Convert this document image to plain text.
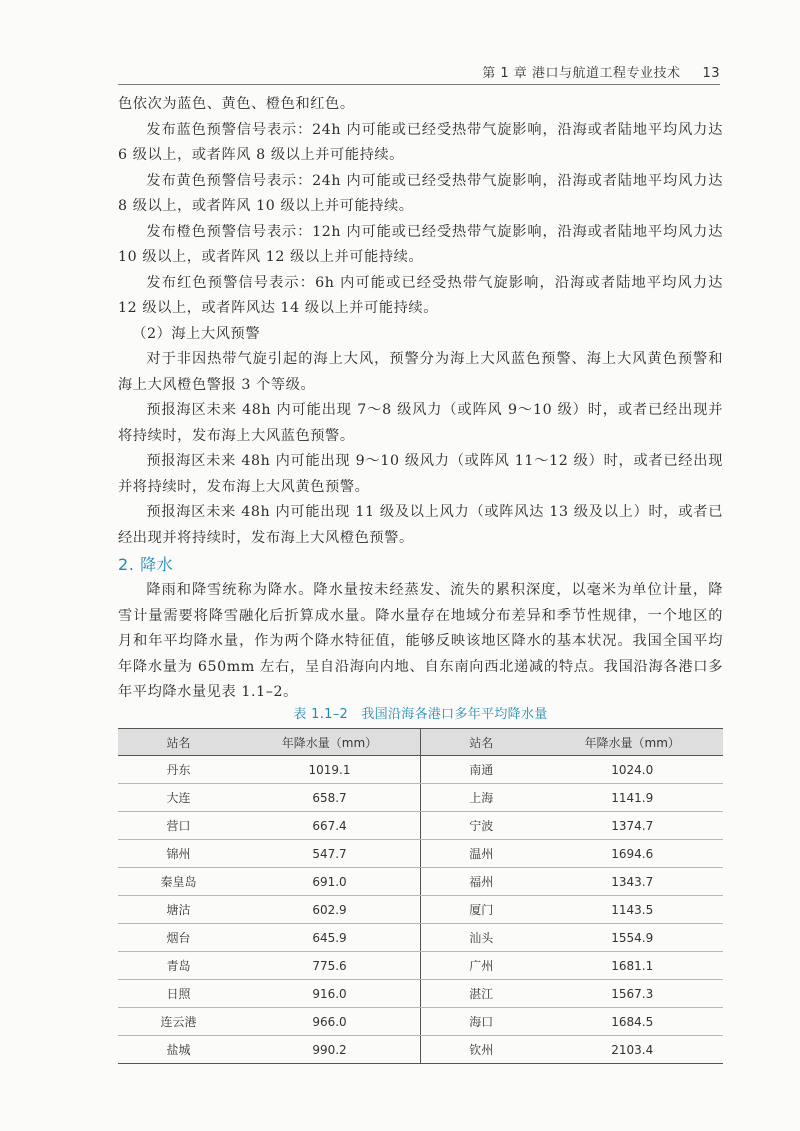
第 1 章 港口与航道工程专业技术 13

色依次为蓝色、黄色、橙色和红色。

发布蓝色预警信号表示：24h 内可能或已经受热带气旋影响，沿海或者陆地平均风力达 6 级以上，或者阵风 8 级以上并可能持续。

发布黄色预警信号表示：24h 内可能或已经受热带气旋影响，沿海或者陆地平均风力达 8 级以上，或者阵风 10 级以上并可能持续。

发布橙色预警信号表示：12h 内可能或已经受热带气旋影响，沿海或者陆地平均风力达 10 级以上，或者阵风 12 级以上并可能持续。

发布红色预警信号表示：6h 内可能或已经受热带气旋影响，沿海或者陆地平均风力达 12 级以上，或者阵风达 14 级以上并可能持续。

（2）海上大风预警

对于非因热带气旋引起的海上大风，预警分为海上大风蓝色预警、海上大风黄色预警和海上大风橙色警报 3 个等级。

预报海区未来 48h 内可能出现 7～8 级风力（或阵风 9～10 级）时，或者已经出现并将持续时，发布海上大风蓝色预警。

预报海区未来 48h 内可能出现 9～10 级风力（或阵风 11～12 级）时，或者已经出现并将持续时，发布海上大风黄色预警。

预报海区未来 48h 内可能出现 11 级及以上风力（或阵风达 13 级及以上）时，或者已经出现并将持续时，发布海上大风橙色预警。

2. 降水

降雨和降雪统称为降水。降水量按未经蒸发、流失的累积深度，以毫米为单位计量，降雪计量需要将降雪融化后折算成水量。降水量存在地域分布差异和季节性规律，一个地区的月和年平均降水量，作为两个降水特征值，能够反映该地区降水的基本状况。我国全国平均年降水量为 650mm 左右，呈自沿海向内地、自东南向西北递减的特点。我国沿海各港口多年平均降水量见表 1.1–2。

表 1.1–2　我国沿海各港口多年平均降水量
站名	年降水量（mm）	站名	年降水量（mm）
丹东	1019.1	南通	1024.0
大连	658.7	上海	1141.9
营口	667.4	宁波	1374.7
锦州	547.7	温州	1694.6
秦皇岛	691.0	福州	1343.7
塘沽	602.9	厦门	1143.5
烟台	645.9	汕头	1554.9
青岛	775.6	广州	1681.1
日照	916.0	湛江	1567.3
连云港	966.0	海口	1684.5
盐城	990.2	钦州	2103.4
